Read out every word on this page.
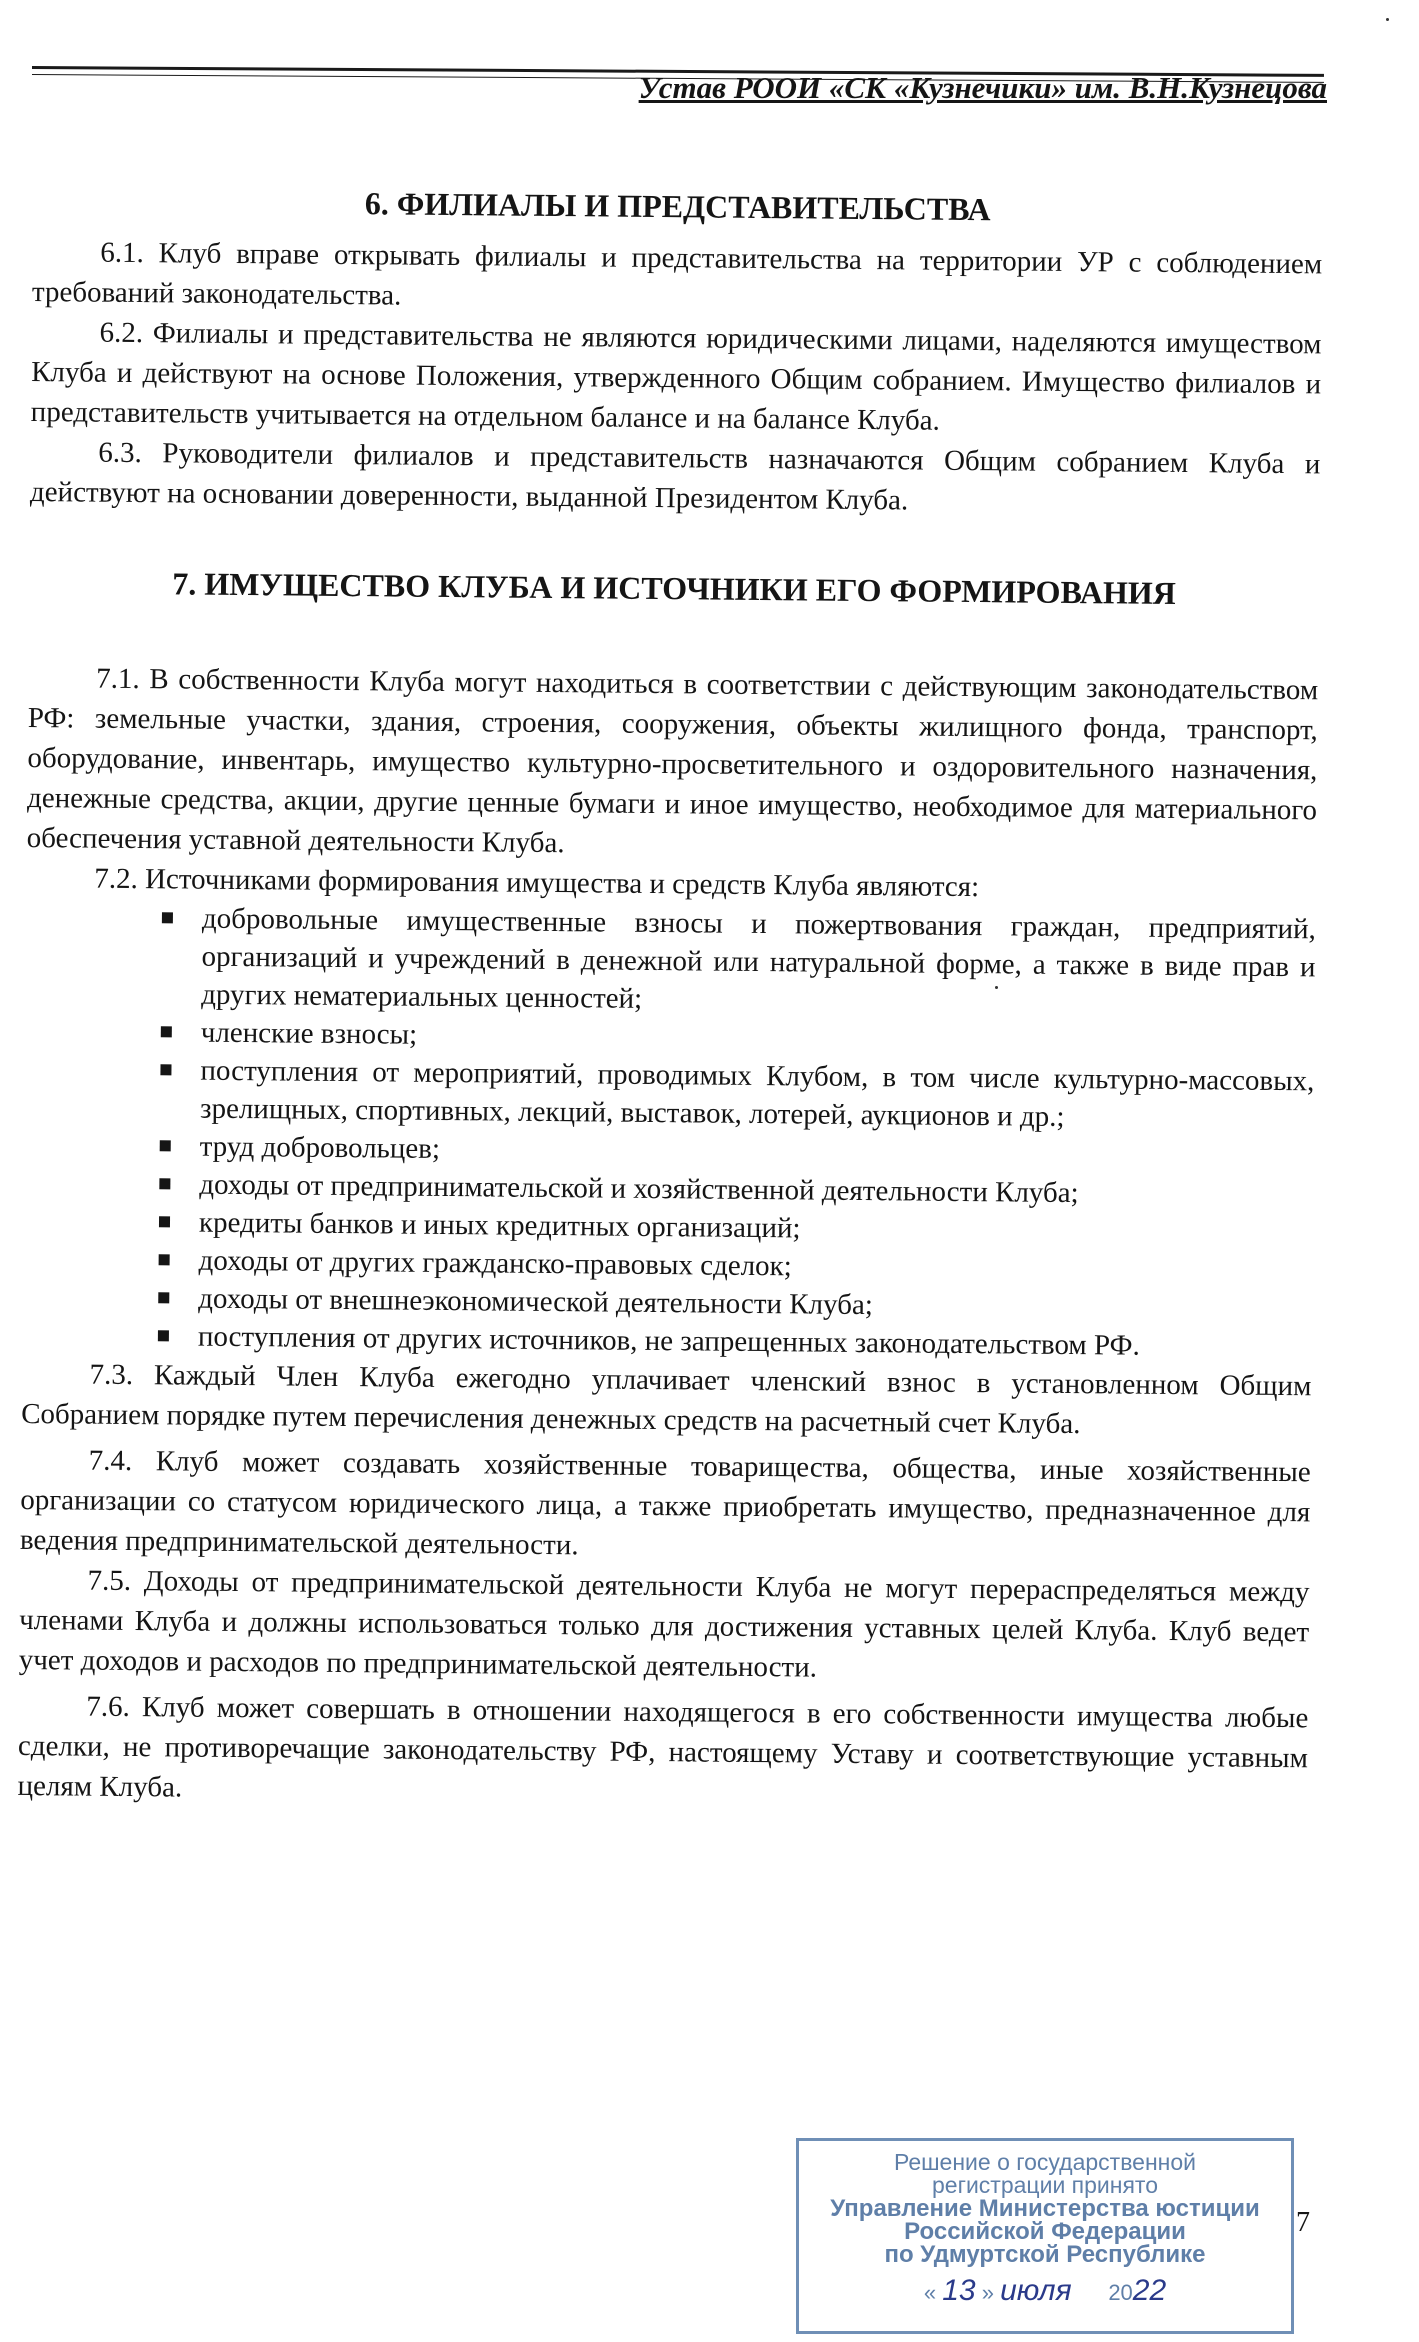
Устав РООИ «СК «Кузнечики» им. В.Н.Кузнецова
6. ФИЛИАЛЫ И ПРЕДСТАВИТЕЛЬСТВА

6.1. Клуб вправе открывать филиалы и представительства на территории УР с соблюдением требований законодательства.

6.2. Филиалы и представительства не являются юридическими лицами, наделяются имуществом Клуба и действуют на основе Положения, утвержденного Общим собранием. Имущество филиалов и представительств учитывается на отдельном балансе и на балансе Клуба.

6.3. Руководители филиалов и представительств назначаются Общим собранием Клуба и действуют на основании доверенности, выданной Президентом Клуба.

7. ИМУЩЕСТВО КЛУБА И ИСТОЧНИКИ ЕГО ФОРМИРОВАНИЯ

7.1. В собственности Клуба могут находиться в соответствии с действующим законодательством РФ: земельные участки, здания, строения, сооружения, объекты жилищного фонда, транспорт, оборудование, инвентарь, имущество культурно-просветительного и оздоровительного назначения, денежные средства, акции, другие ценные бумаги и иное имущество, необходимое для материального обеспечения уставной деятельности Клуба.

7.2. Источниками формирования имущества и средств Клуба являются:

добровольные имущественные взносы и пожертвования граждан, предприятий, организаций и учреждений в денежной или натуральной форме, а также в виде прав и других нематериальных ценностей;
членские взносы;
поступления от мероприятий, проводимых Клубом, в том числе культурно-массовых, зрелищных, спортивных, лекций, выставок, лотерей, аукционов и др.;
труд добровольцев;
доходы от предпринимательской и хозяйственной деятельности Клуба;
кредиты банков и иных кредитных организаций;
доходы от других гражданско-правовых сделок;
доходы от внешнеэкономической деятельности Клуба;
поступления от других источников, не запрещенных законодательством РФ.

7.3. Каждый Член Клуба ежегодно уплачивает членский взнос в установленном Общим Собранием порядке путем перечисления денежных средств на расчетный счет Клуба.

7.4. Клуб может создавать хозяйственные товарищества, общества, иные хозяйственные организации со статусом юридического лица, а также приобретать имущество, предназначенное для ведения предпринимательской деятельности.

7.5. Доходы от предпринимательской деятельности Клуба не могут перераспределяться между членами Клуба и должны использоваться только для достижения уставных целей Клуба. Клуб ведет учет доходов и расходов по предпринимательской деятельности.

7.6. Клуб может совершать в отношении находящегося в его собственности имущества любые сделки, не противоречащие законодательству РФ, настоящему Уставу и соответствующие уставным целям Клуба.

Решение о государственной
регистрации принято
Управление Министерства юстиции
Российской Федерации
по Удмуртской Республике
« 13 » июля 2022
7
